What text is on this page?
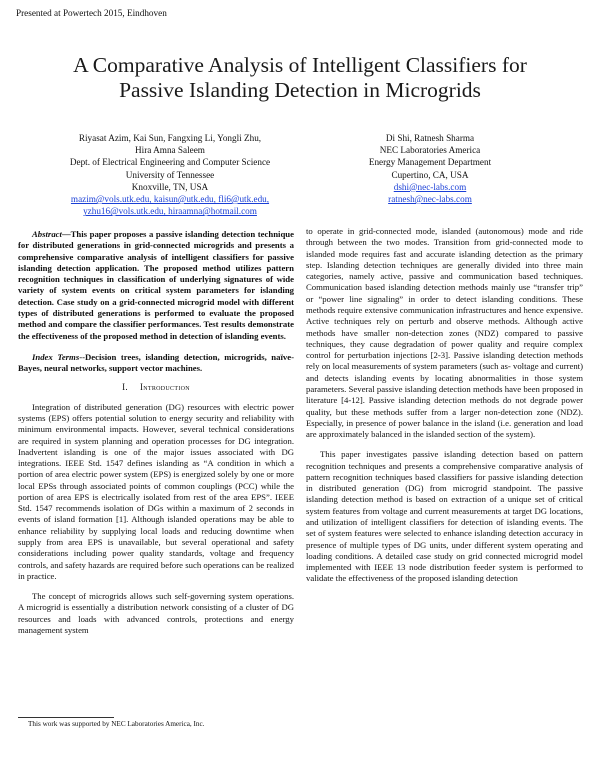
Presented at Powertech 2015, Eindhoven
A Comparative Analysis of Intelligent Classifiers for
Passive Islanding Detection in Microgrids
Riyasat Azim, Kai Sun, Fangxing Li, Yongli Zhu,
Hira Amna Saleem
Dept. of Electrical Engineering and Computer Science
University of Tennessee
Knoxville, TN, USA
mazim@vols.utk.edu, kaisun@utk.edu, fli6@utk.edu,
yzhu16@vols.utk.edu, hiraamna@hotmail.com
Di Shi, Ratnesh Sharma
NEC Laboratories America
Energy Management Department
Cupertino, CA, USA
dshi@nec-labs.com
ratnesh@nec-labs.com

Abstract—This paper proposes a passive islanding detection technique for distributed generations in grid-connected microgrids and presents a comprehensive comparative analysis of intelligent classifiers for passive islanding detection application. The proposed method utilizes pattern recognition techniques in classification of underlying signatures of wide variety of system events on critical system parameters for islanding detection. Case study on a grid-connected microgrid model with different types of distributed generations is performed to evaluate the proposed method and compare the classifier performances. Test results demonstrate the effectiveness of the proposed method in detection of islanding events.

Index Terms--Decision trees, islanding detection, microgrids, naïve-Bayes, neural networks, support vector machines.

I. Introduction

Integration of distributed generation (DG) resources with electric power systems (EPS) offers potential solution to energy security and reliability with minimum environmental impacts. However, several technical considerations are required in system planning and operation processes for DG integration. Inadvertent islanding is one of the major issues associated with DG integrations. IEEE Std. 1547 defines islanding as “A condition in which a portion of area electric power system (EPS) is energized solely by one or more local EPSs through associated points of common couplings (PCC) while the portion of area EPS is electrically isolated from rest of the area EPS”. IEEE Std. 1547 recommends isolation of DGs within a maximum of 2 seconds in events of island formation [1]. Although islanded operations may be able to enhance reliability by supplying local loads and reducing downtime when supply from area EPS is unavailable, but several operational and safety considerations including power quality standards, voltage and frequency controls, and safety hazards are required before such operations can be realized in practice.

The concept of microgrids allows such self-governing system operations. A microgrid is essentially a distribution network consisting of a cluster of DG resources and loads with advanced controls, protections and energy management system

to operate in grid-connected mode, islanded (autonomous) mode and ride through between the two modes. Transition from grid-connected mode to islanded mode requires fast and accurate islanding detection as the primary step. Islanding detection techniques are generally divided into three main categories, namely active, passive and communication based techniques. Communication based islanding detection methods mainly use “transfer trip” or “power line signaling” in order to detect islanding conditions. These methods require extensive communication infrastructures and hence expensive. Active techniques rely on perturb and observe methods. Although active methods have smaller non-detection zones (NDZ) compared to passive techniques, they cause degradation of power quality and require complex control for perturbation injections [2-3]. Passive islanding detection methods rely on local measurements of system parameters (such as- voltage and current) and detects islanding events by locating abnormalities in those system parameters. Several passive islanding detection methods have been proposed in literature [4-12]. Passive islanding detection methods do not degrade power quality, but these methods suffer from a larger non-detection zone (NDZ). Especially, in presence of power balance in the island (i.e. generation and load are approximately balanced in the islanded section of the system).

This paper investigates passive islanding detection based on pattern recognition techniques and presents a comprehensive comparative analysis of pattern recognition techniques based classifiers for passive islanding detection in distributed generation (DG) from microgrid standpoint. The passive islanding detection method is based on extraction of a unique set of critical system features from voltage and current measurements at target DG locations, and utilization of intelligent classifiers for detection of islanding events. The set of system features were selected to enhance islanding detection accuracy in presence of multiple types of DG units, under different system operating and loading conditions. A detailed case study on grid connected microgrid model implemented with IEEE 13 node distribution feeder system is performed to validate the effectiveness of the proposed islanding detection

This work was supported by NEC Laboratories America, Inc.
